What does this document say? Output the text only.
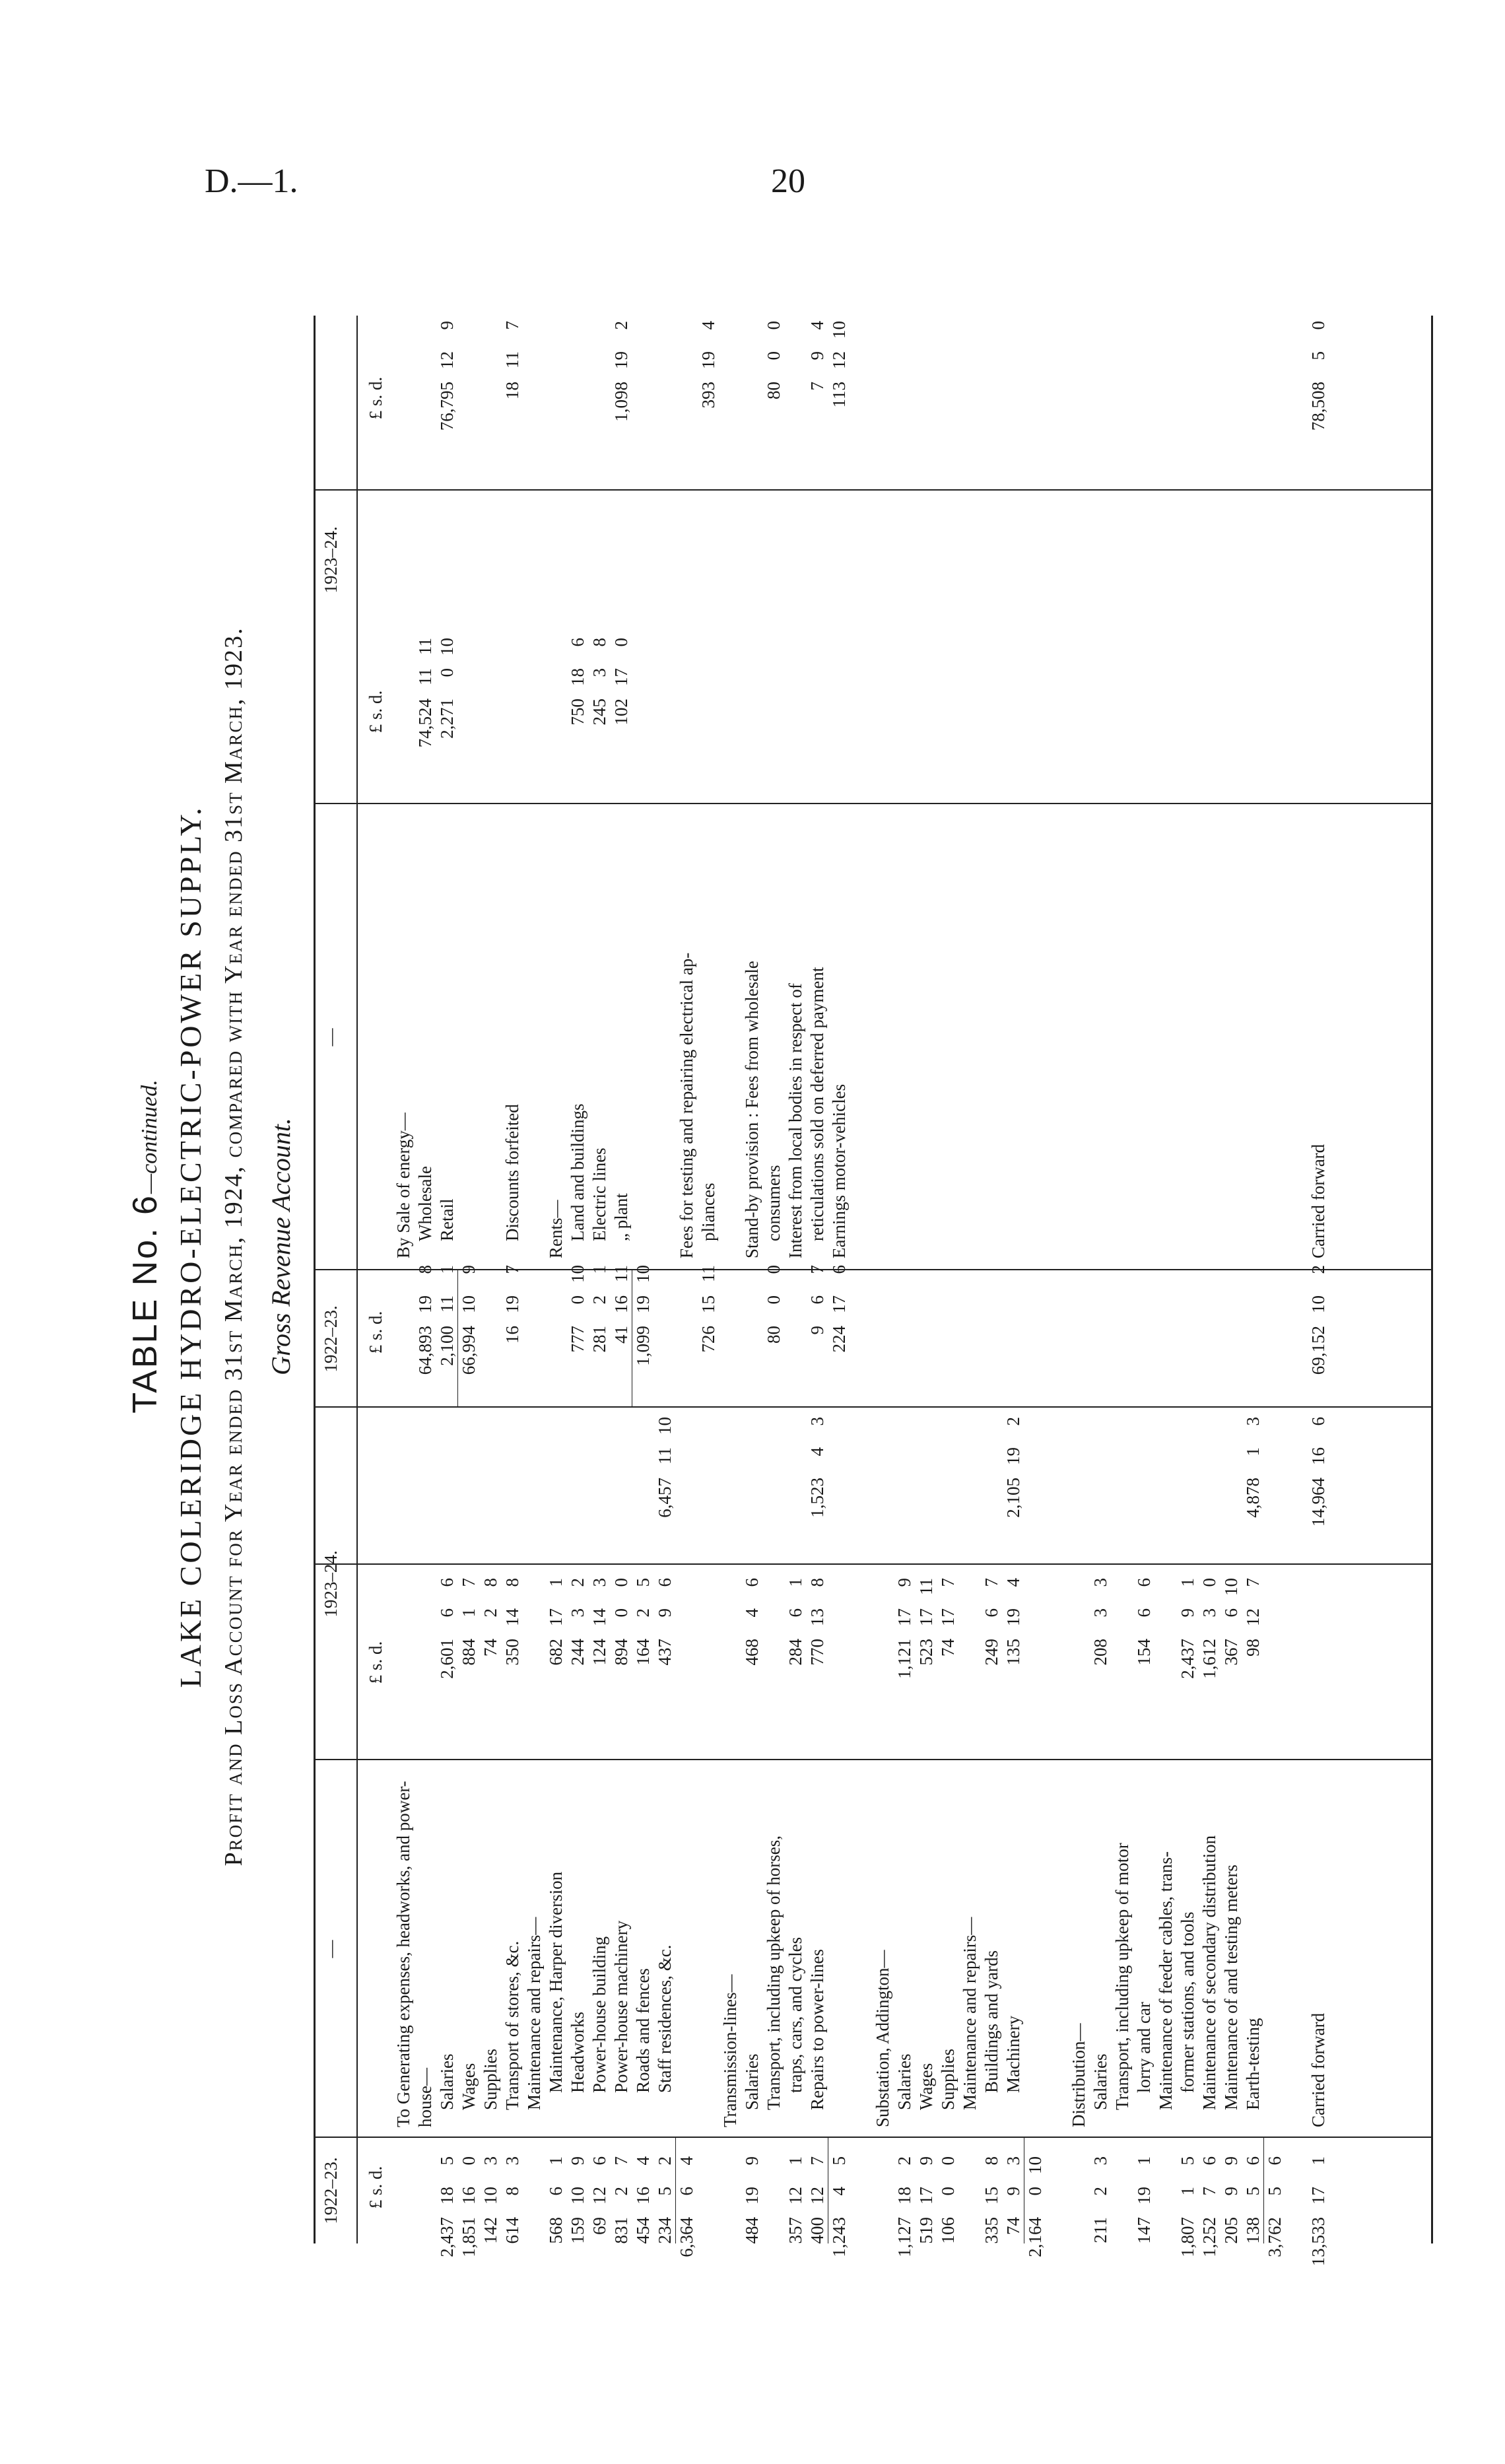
D.—1.	20
TABLE No. 6—continued. LAKE COLERIDGE HYDRO-ELECTRIC-POWER SUPPLY. Profit and Loss Account for Year ended 31st March, 1924, compared with Year ended 31st March, 1923. Gross Revenue Account.
1922–23.
—
1923–24.
1922–23.
—
1923–24.
£ s. d.
£ s. d.
£ s. d.
£ s. d.
£ s. d.
To Generating expenses, headworks, and power- house— Salaries
2,437185
2,60166
Wages
1,851160
88417
Supplies
142103
7428
Transport of stores, &c.
61483
350148
Maintenance and repairs— Maintenance, Harper diversion
56861
682171
Headworks
159109
24432
Power-house building
69126
124143
Power-house machinery
83127
89400
Roads and fences
454164
16425
Staff residences, &c.
23452
43796
6,4571110
6,36464
Transmission-lines— Salaries
484199
46846
Transport, including upkeep of horses, traps, cars, and cycles
357121
28461
Repairs to power-lines
400127
770138
1,52343
1,24345
Substation, Addington— Salaries
1,127182
1,121179
Wages
519179
5231711
Supplies
10600
74177
Maintenance and repairs— Buildings and yards
335158
24967
Machinery
7493
135194
2,105192
2,164010
Distribution— Salaries
21123
20833
Transport, including upkeep of motor lorry and car
147191
15466
Maintenance of feeder cables, trans- former stations, and tools
1,80715
2,43791
Maintenance of secondary distribution
1,25276
1,61230
Maintenance of and testing meters
20599
367610
Earth-testing
13856
98127
4,87813
3,76256
Carried forward
13,533171
14,964166
By Sale of energy— Wholesale
64,893198
74,5241111
Retail
2,100111
2,271010
76,795129
66,994109
Discounts forfeited
16197
18117
Rents— Land and buildings
777010
750186
Electric lines
28121
24538
„ plant
411611
102170
1,098192
1,0991910
Fees for testing and repairing electrical ap- pliances
7261511
393194
Stand-by provision : Fees from wholesale consumers
8000
8000
Interest from local bodies in respect of reticulations sold on deferred payment
967
794
Earnings motor-vehicles
224176
1131210
Carried forward
69,152102
78,50850
